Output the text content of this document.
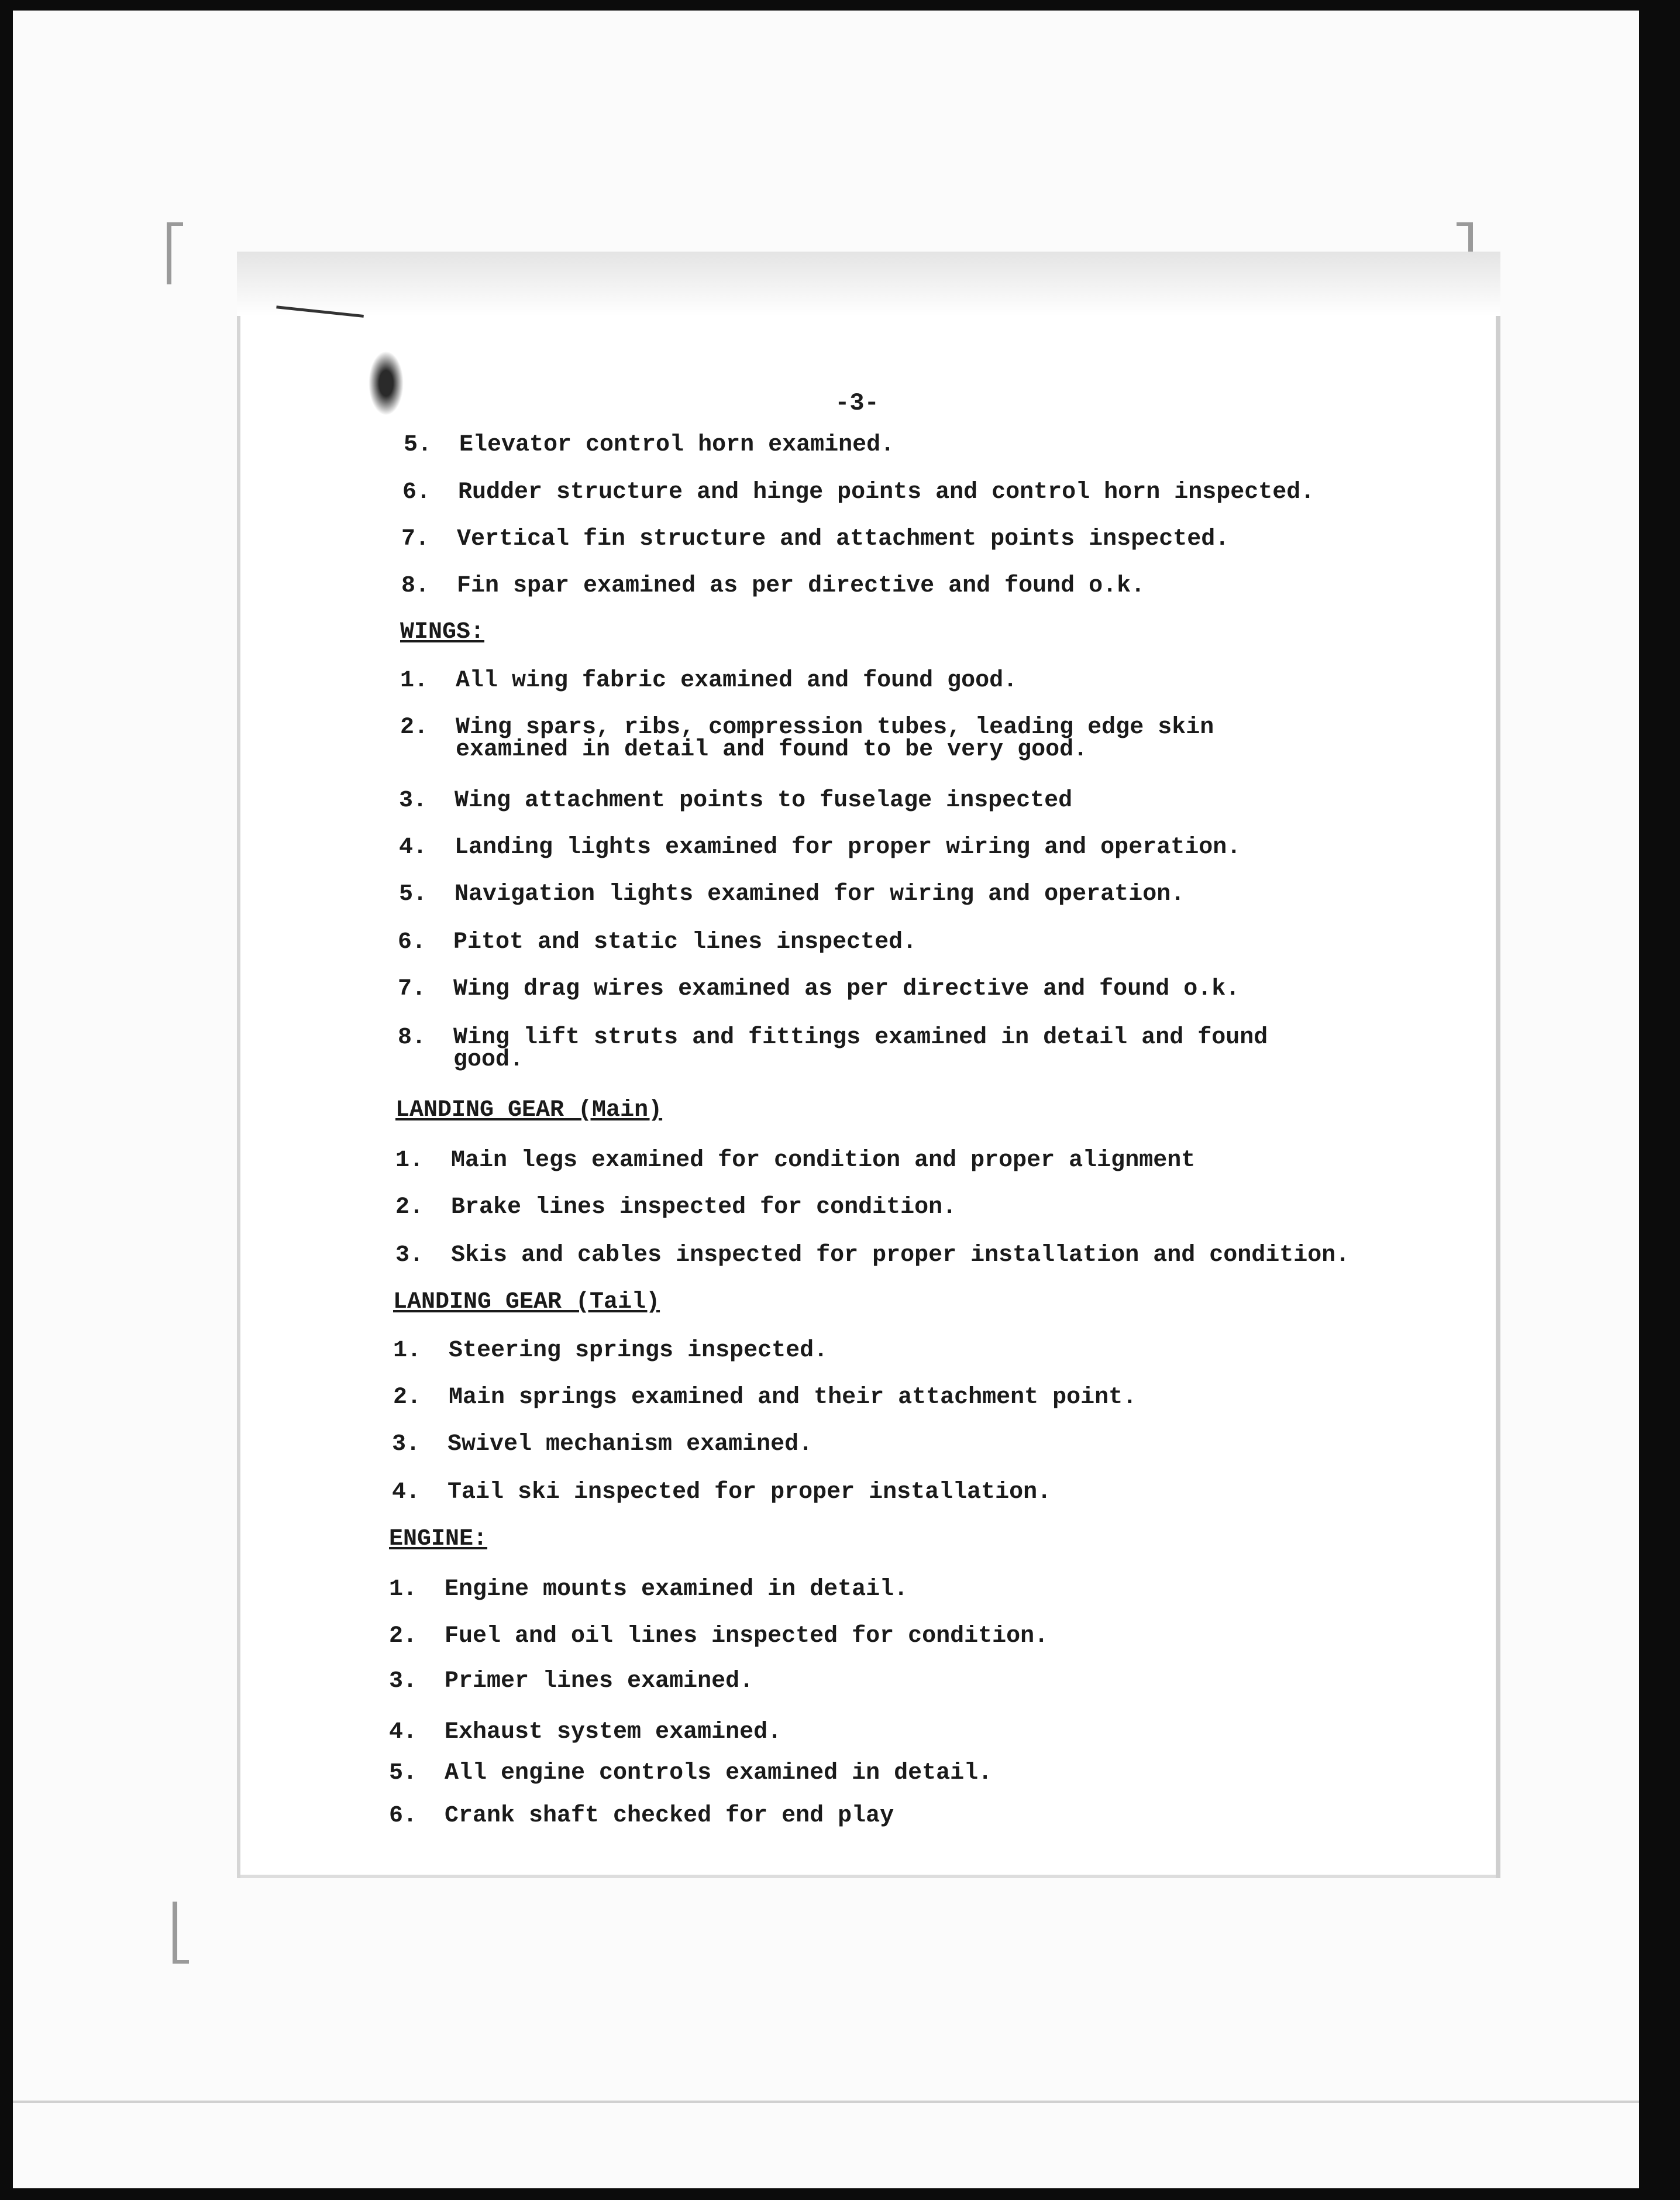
-3-
5.	Elevator control horn examined.
6.	Rudder structure and hinge points and control horn inspected.
7.	Vertical fin structure and attachment points inspected.
8.	Fin spar examined as per directive and found o.k.
WINGS:
1.	All wing fabric examined and found good.
2.	Wing spars, ribs, compression tubes, leading edge skin
examined in detail and found to be very good.
3.	Wing attachment points to fuselage inspected
4.	Landing lights examined for proper wiring and operation.
5.	Navigation lights examined for wiring and operation.
6.	Pitot and static lines inspected.
7.	Wing drag wires examined as per directive and found o.k.
8.	Wing lift struts and fittings examined in detail and found
good.
LANDING GEAR (Main)
1.	Main legs examined for condition and proper alignment
2.	Brake lines inspected for condition.
3.	Skis and cables inspected for proper installation and condition.
LANDING GEAR (Tail)
1.	Steering springs inspected.
2.	Main springs examined and their attachment point.
3.	Swivel mechanism examined.
4.	Tail ski inspected for proper installation.
ENGINE:
1.	Engine mounts examined in detail.
2.	Fuel and oil lines inspected for condition.
3.	Primer lines examined.
4.	Exhaust system examined.
5.	All engine controls examined in detail.
6.	Crank shaft checked for end play
